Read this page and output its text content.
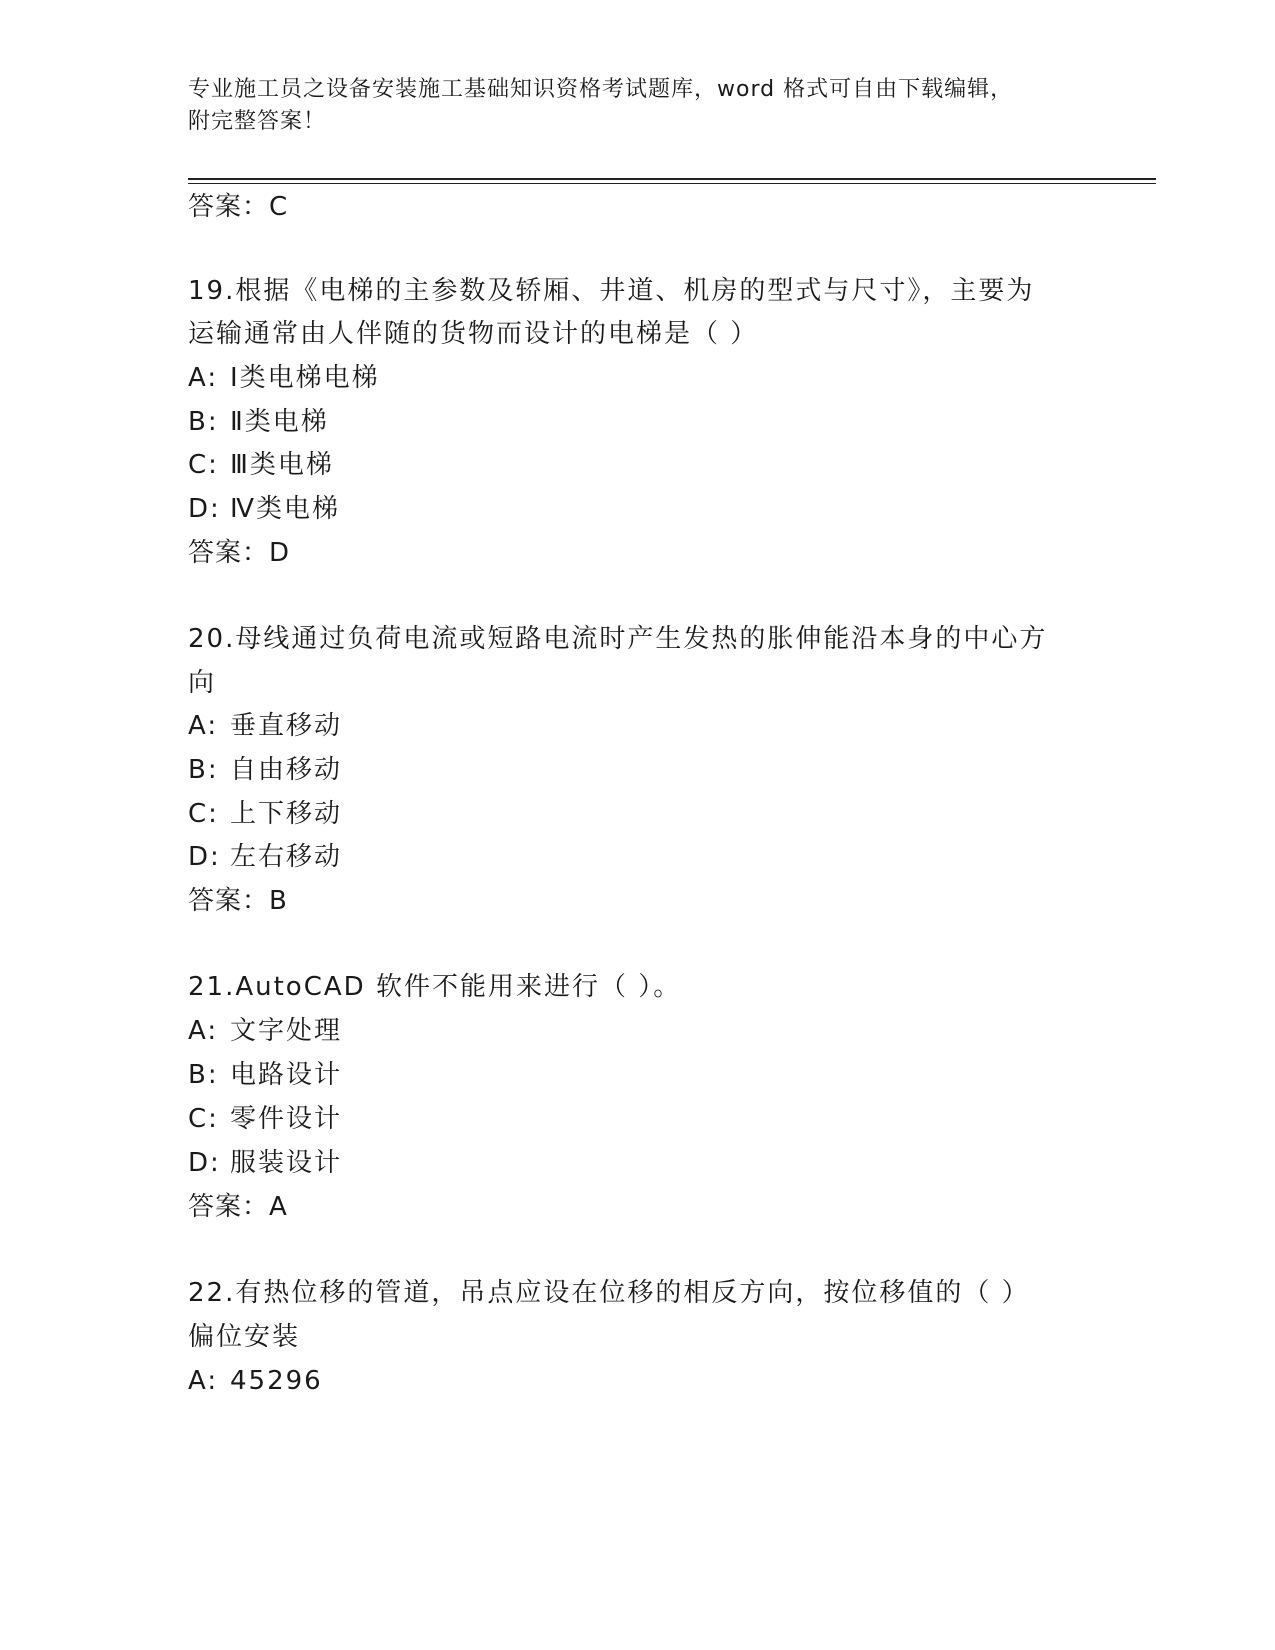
专业施工员之设备安装施工基础知识资格考试题库，word 格式可自由下载编辑，
附完整答案！
答案：C
19.根据《电梯的主参数及轿厢、井道、机房的型式与尺寸》，主要为
运输通常由人伴随的货物而设计的电梯是（ ）
A: Ⅰ类电梯电梯
B: Ⅱ类电梯
C: Ⅲ类电梯
D: Ⅳ类电梯
答案：D
20.母线通过负荷电流或短路电流时产生发热的胀伸能沿本身的中心方
向
A: 垂直移动
B: 自由移动
C: 上下移动
D: 左右移动
答案：B
21.AutoCAD 软件不能用来进行（ ）。
A: 文字处理
B: 电路设计
C: 零件设计
D: 服装设计
答案：A
22.有热位移的管道，吊点应设在位移的相反方向，按位移值的（ ）
偏位安装
A: 45296
